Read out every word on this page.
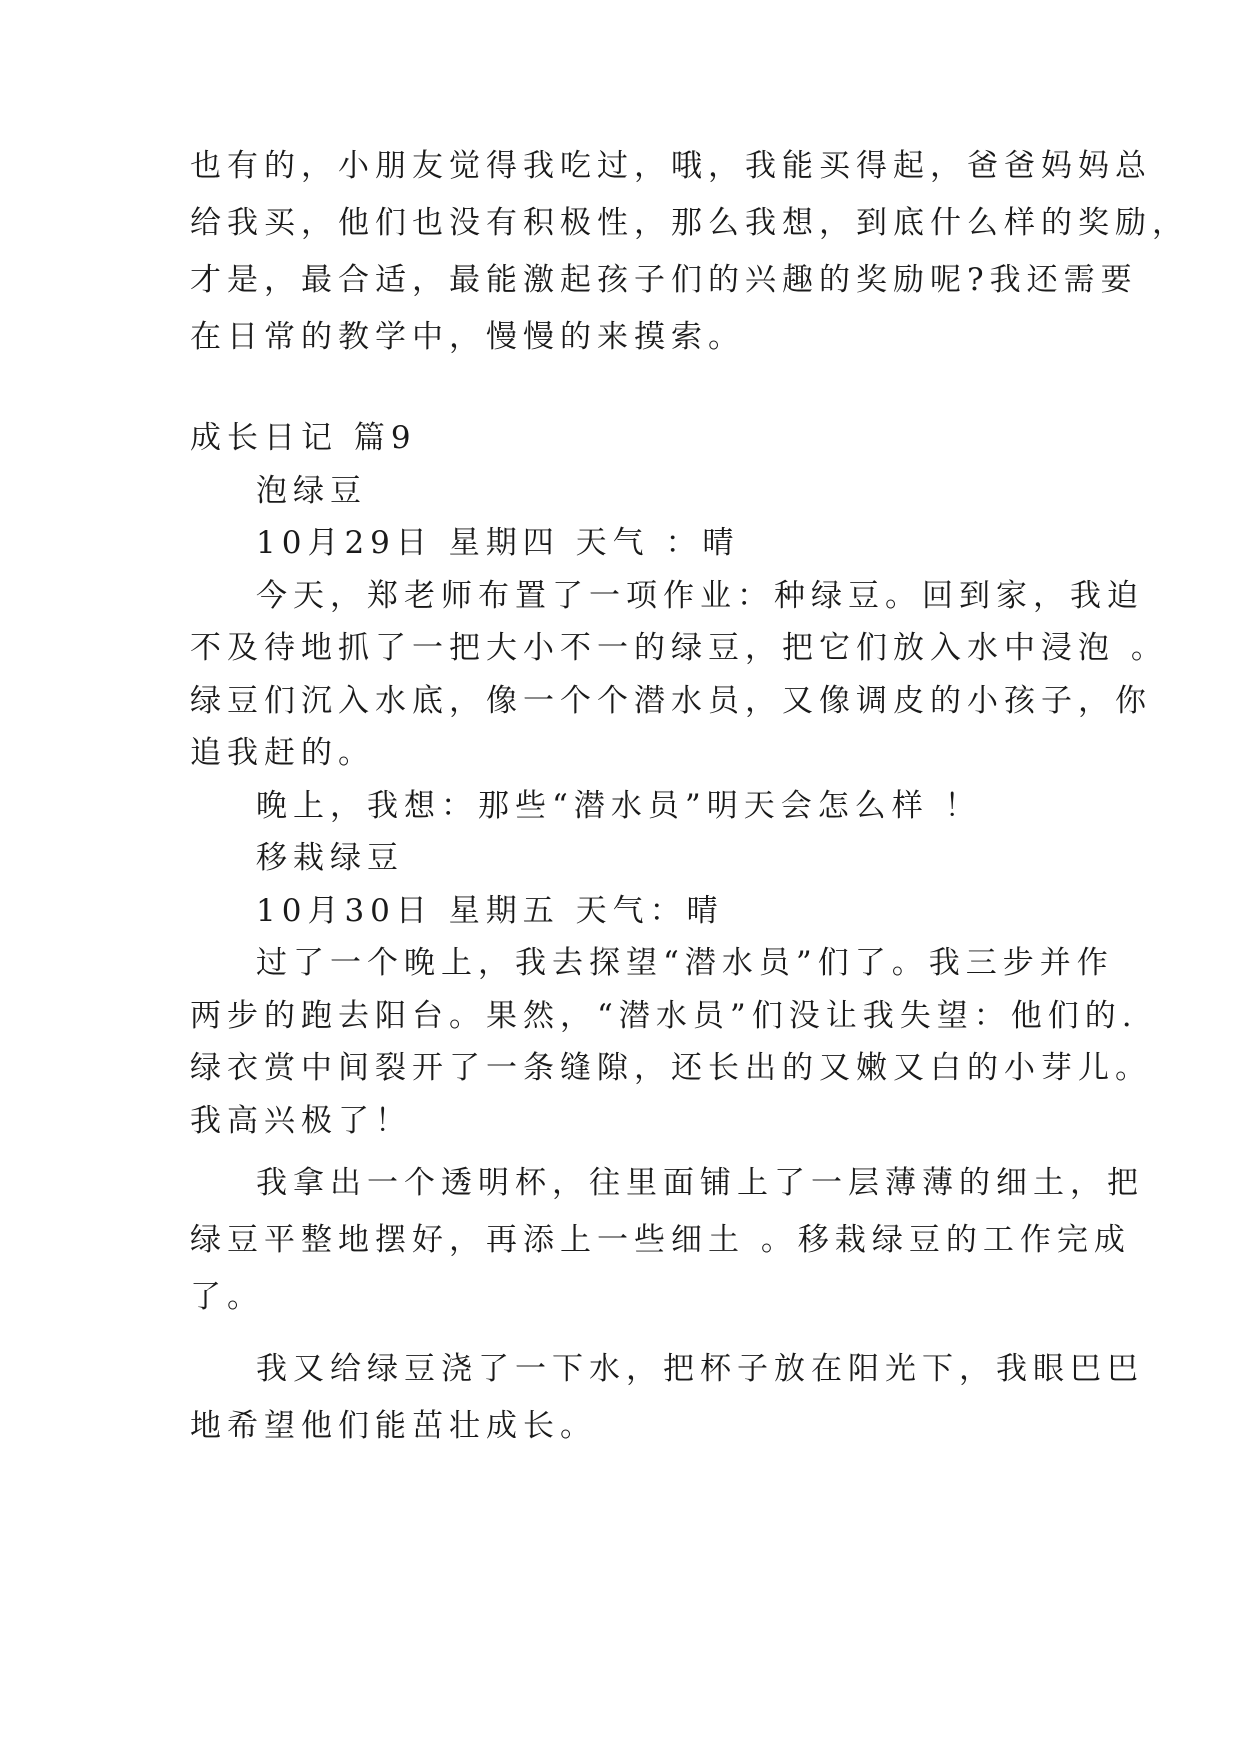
也有的，小朋友觉得我吃过，哦，我能买得起，爸爸妈妈总
给我买，他们也没有积极性，那么我想，到底什么样的奖励，
才是，最合适，最能激起孩子们的兴趣的奖励呢?我还需要
在日常的教学中，慢慢的来摸索。
成长日记 篇9
泡绿豆
10月29日 星期四 天气 ：晴
今天，郑老师布置了一项作业：种绿豆。回到家，我迫
不及待地抓了一把大小不一的绿豆，把它们放入水中浸泡 。
绿豆们沉入水底，像一个个潜水员，又像调皮的小孩子，你
追我赶的。
晚上，我想：那些“潜水员”明天会怎么样 ！
移栽绿豆
10月30日 星期五 天气：晴
过了一个晚上，我去探望“潜水员”们了。我三步并作
两步的跑去阳台。果然，“潜水员”们没让我失望：他们的.
绿衣赏中间裂开了一条缝隙，还长出的又嫩又白的小芽儿。
我高兴极了！
我拿出一个透明杯，往里面铺上了一层薄薄的细土，把
绿豆平整地摆好，再添上一些细土 。移栽绿豆的工作完成
了。
我又给绿豆浇了一下水，把杯子放在阳光下，我眼巴巴
地希望他们能茁壮成长。
